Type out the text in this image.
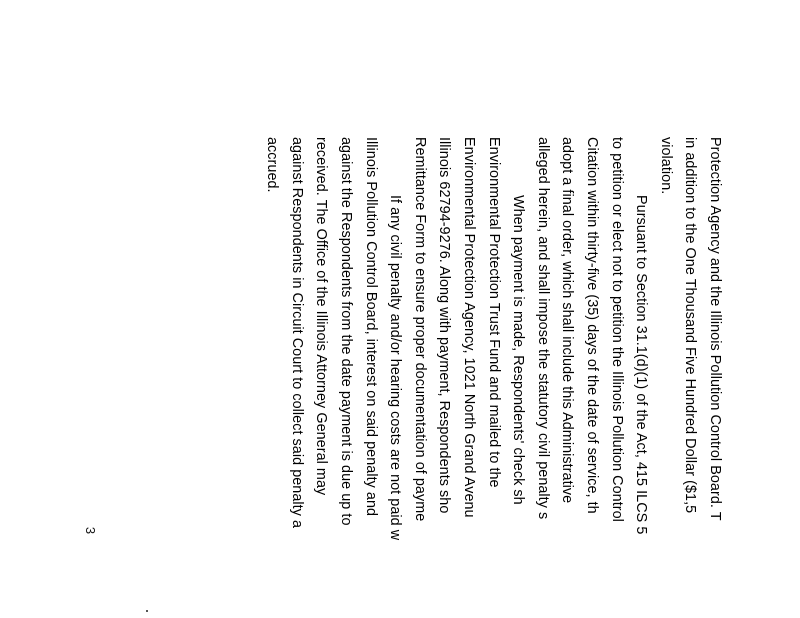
Protection Agency and the Illinois Pollution Control Board. T
in addition to the One Thousand Five Hundred Dollar ($1,5
violation.
Pursuant to Section 31.1(d)(1) of the Act, 415 ILCS 5
to petition or elect not to petition the Illinois Pollution Control
Citation within thirty-five (35) days of the date of service, th
adopt a final order, which shall include this Administrative
alleged herein, and shall impose the statutory civil penalty s
When payment is made, Respondents' check sh
Environmental Protection Trust Fund and mailed to the
Environmental Protection Agency, 1021 North Grand Avenu
Illinois 62794-9276. Along with payment, Respondents sho
Remittance Form to ensure proper documentation of payme
If any civil penalty and/or hearing costs are not paid w
Illinois Pollution Control Board, interest on said penalty and
against the Respondents from the date payment is due up to
received. The Office of the Illinois Attorney General may
against Respondents in Circuit Court to collect said penalty a
accrued.
3
